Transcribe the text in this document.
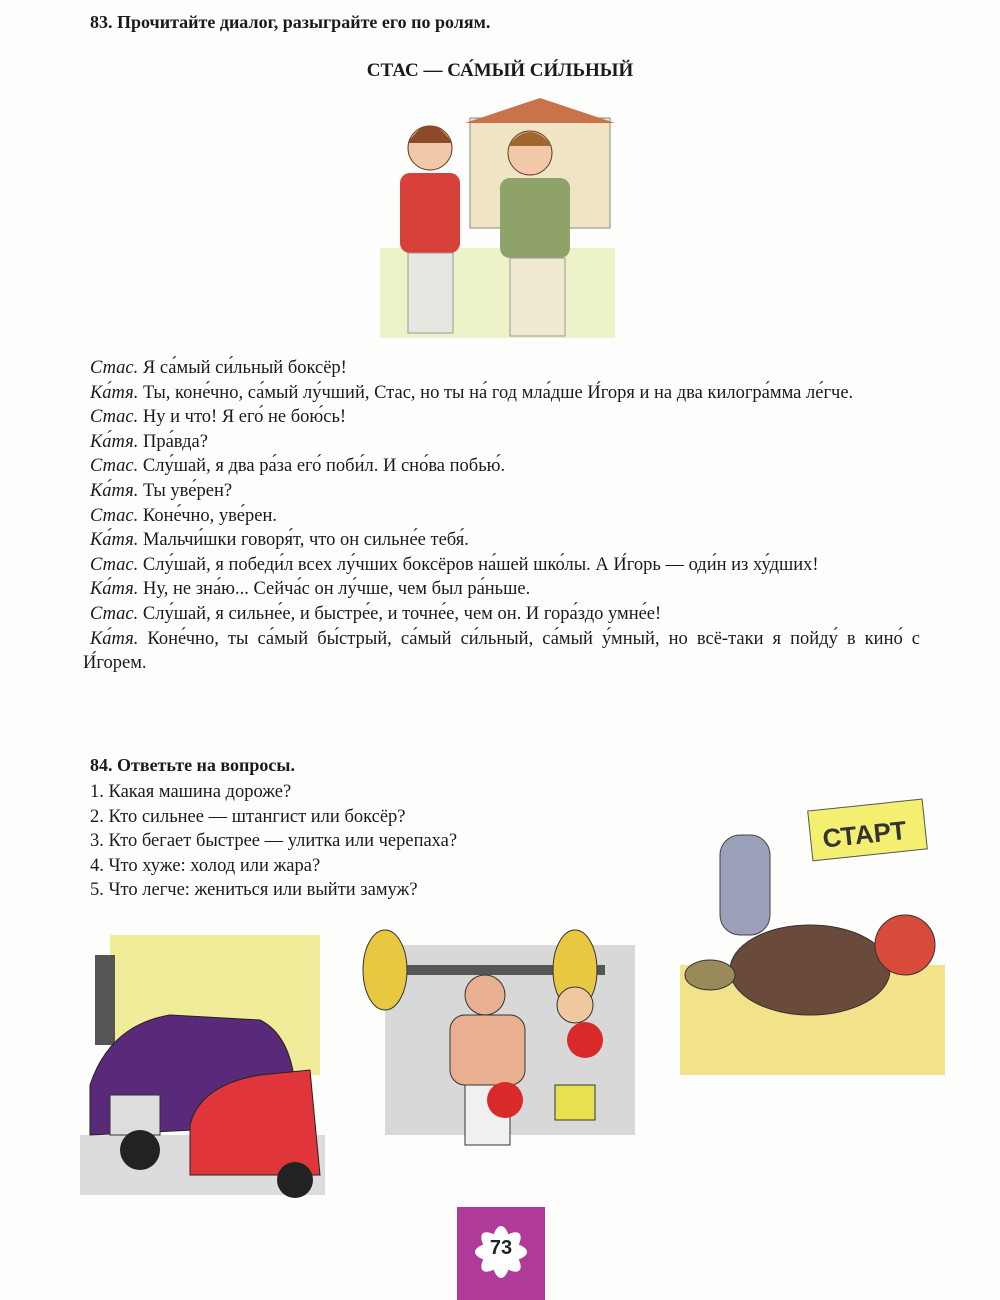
83. Прочитайте диалог, разыграйте его по ролям.
СТАС — СА́МЫЙ СИ́ЛЬНЫЙ
Стас. Я са́мый си́льный боксёр!
Ка́тя. Ты, коне́чно, са́мый лу́чший, Стас, но ты на́ год мла́дше И́горя и на два килогра́мма ле́гче.
Стас. Ну и что! Я его́ не бою́сь!
Ка́тя. Пра́вда?
Стас. Слу́шай, я два ра́за его́ поби́л. И сно́ва побью́.
Ка́тя. Ты уве́рен?
Стас. Коне́чно, уве́рен.
Ка́тя. Мальчи́шки говоря́т, что он сильне́е тебя́.
Стас. Слу́шай, я победи́л всех лу́чших боксёров на́шей шко́лы. А И́горь — оди́н из ху́дших!
Ка́тя. Ну, не зна́ю... Сейча́с он лу́чше, чем был ра́ньше.
Стас. Слу́шай, я сильне́е, и быстре́е, и точне́е, чем он. И гора́здо умне́е!
Ка́тя. Коне́чно, ты са́мый бы́стрый, са́мый си́льный, са́мый у́мный, но всё-таки я пойду́ в кино́ с И́горем.
84. Ответьте на вопросы.
1. Какая машина дороже?
2. Кто сильнее — штангист или боксёр?
3. Кто бегает быстрее — улитка или черепаха?
4. Что хуже: холод или жара?
5. Что легче: жениться или выйти замуж?
СТАРТ
73
